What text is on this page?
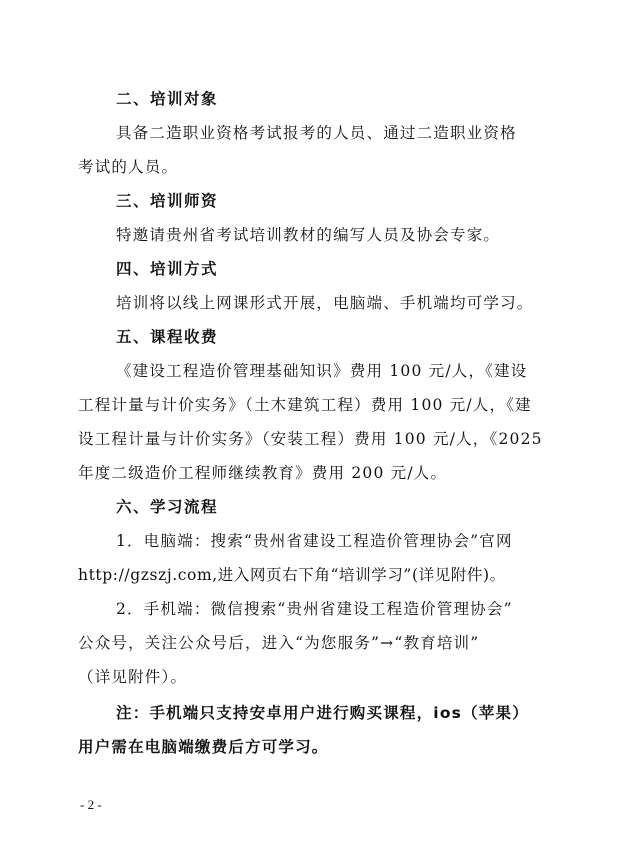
二、培训对象
具备二造职业资格考试报考的人员、通过二造职业资格
考试的人员。
三、培训师资
特邀请贵州省考试培训教材的编写人员及协会专家。
四、培训方式
培训将以线上网课形式开展，电脑端、手机端均可学习。
五、课程收费
《建设工程造价管理基础知识》费用 100 元/人，《建设
工程计量与计价实务》（土木建筑工程）费用 100 元/人，《建
设工程计量与计价实务》（安装工程）费用 100 元/人，《2025
年度二级造价工程师继续教育》费用 200 元/人。
六、学习流程
1．电脑端：搜索“贵州省建设工程造价管理协会”官网
http://gzszj.com,进入网页右下角“培训学习”(详见附件)。
2．手机端：微信搜索“贵州省建设工程造价管理协会”
公众号，关注公众号后，进入“为您服务”→“教育培训”
（详见附件）。
注：手机端只支持安卓用户进行购买课程，ios（苹果）
用户需在电脑端缴费后方可学习。
- 2 -
